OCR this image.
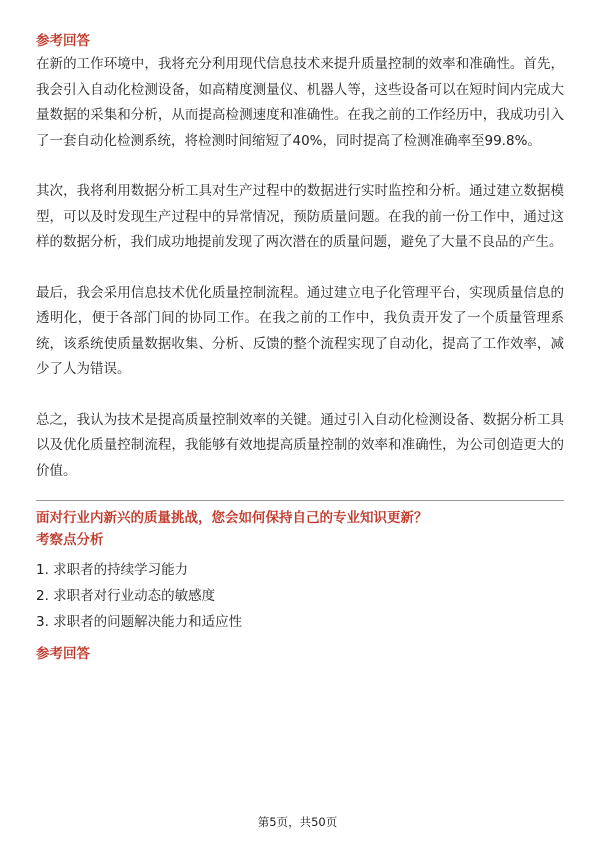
参考回答

在新的工作环境中，我将充分利用现代信息技术来提升质量控制的效率和准确性。首先，我会引入自动化检测设备，如高精度测量仪、机器人等，这些设备可以在短时间内完成大量数据的采集和分析，从而提高检测速度和准确性。在我之前的工作经历中，我成功引入了一套自动化检测系统，将检测时间缩短了40%，同时提高了检测准确率至99.8%。

其次，我将利用数据分析工具对生产过程中的数据进行实时监控和分析。通过建立数据模型，可以及时发现生产过程中的异常情况，预防质量问题。在我的前一份工作中，通过这样的数据分析，我们成功地提前发现了两次潜在的质量问题，避免了大量不良品的产生。

最后，我会采用信息技术优化质量控制流程。通过建立电子化管理平台，实现质量信息的透明化，便于各部门间的协同工作。在我之前的工作中，我负责开发了一个质量管理系统，该系统使质量数据收集、分析、反馈的整个流程实现了自动化，提高了工作效率，减少了人为错误。

总之，我认为技术是提高质量控制效率的关键。通过引入自动化检测设备、数据分析工具以及优化质量控制流程，我能够有效地提高质量控制的效率和准确性，为公司创造更大的价值。

面对行业内新兴的质量挑战，您会如何保持自己的专业知识更新？

考察点分析

1. 求职者的持续学习能力
2. 求职者对行业动态的敏感度
3. 求职者的问题解决能力和适应性

参考回答

第5页，共50页
